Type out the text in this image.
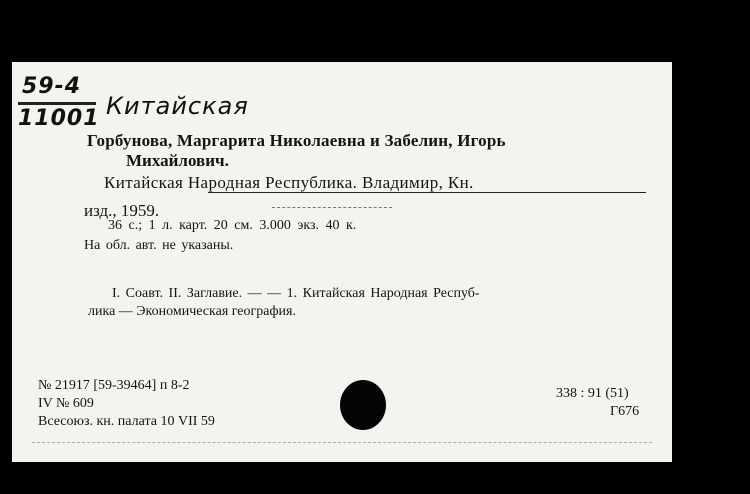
59-4
11001 Китайская
Горбунова, Маргарита Николаевна и Забелин, Игорь
Михайлович.
Китайская Народная Республика. Владимир, Кн.
изд., 1959.
36 с.; 1 л. карт. 20 см. 3.000 экз. 40 к.
На обл. авт. не указаны.
I. Соавт. II. Заглавие. — — 1. Китайская Народная Респуб-
лика — Экономическая география.
№ 21917 [59-39464] п 8-2
IV № 609
Всесоюз. кн. палата 10 VII 59
338 : 91 (51)
Г676
